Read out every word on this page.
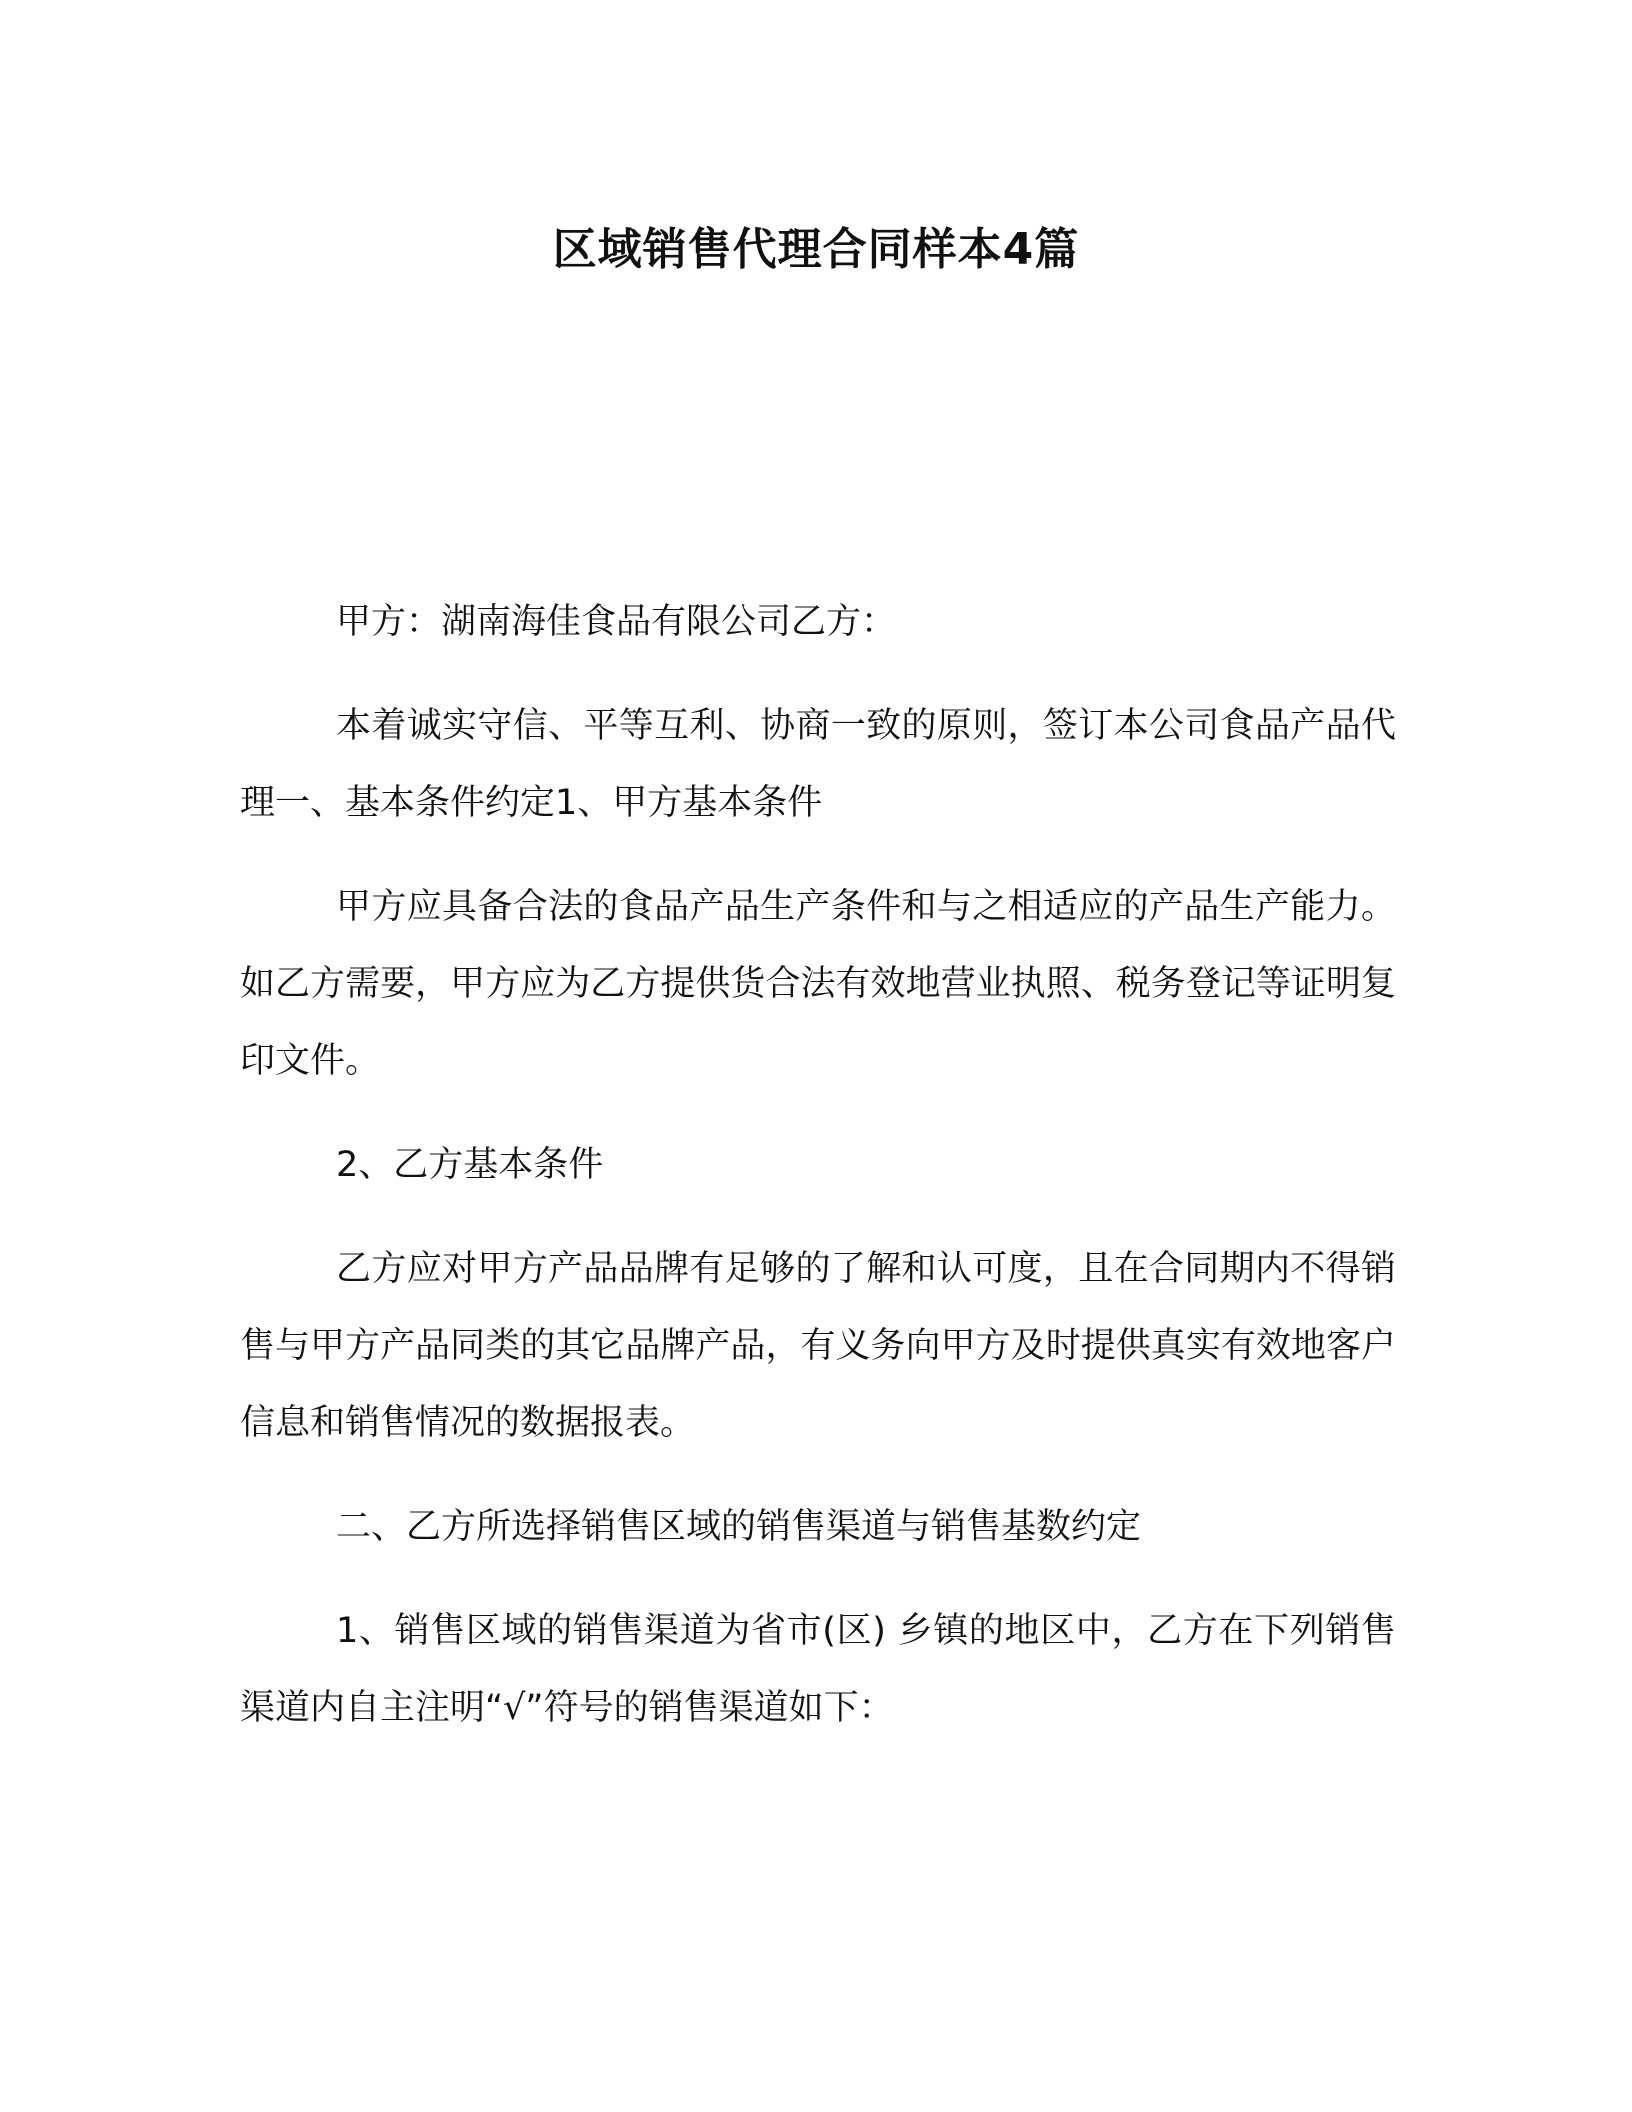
区域销售代理合同样本4篇

甲方：湖南海佳食品有限公司乙方：

本着诚实守信、平等互利、协商一致的原则，签订本公司食品产品代理一、基本条件约定1、甲方基本条件

甲方应具备合法的食品产品生产条件和与之相适应的产品生产能力。如乙方需要，甲方应为乙方提供货合法有效地营业执照、税务登记等证明复印文件。

2、乙方基本条件

乙方应对甲方产品品牌有足够的了解和认可度，且在合同期内不得销售与甲方产品同类的其它品牌产品，有义务向甲方及时提供真实有效地客户信息和销售情况的数据报表。

二、乙方所选择销售区域的销售渠道与销售基数约定

1、销售区域的销售渠道为省市(区) 乡镇的地区中，乙方在下列销售渠道内自主注明“√”符号的销售渠道如下：
